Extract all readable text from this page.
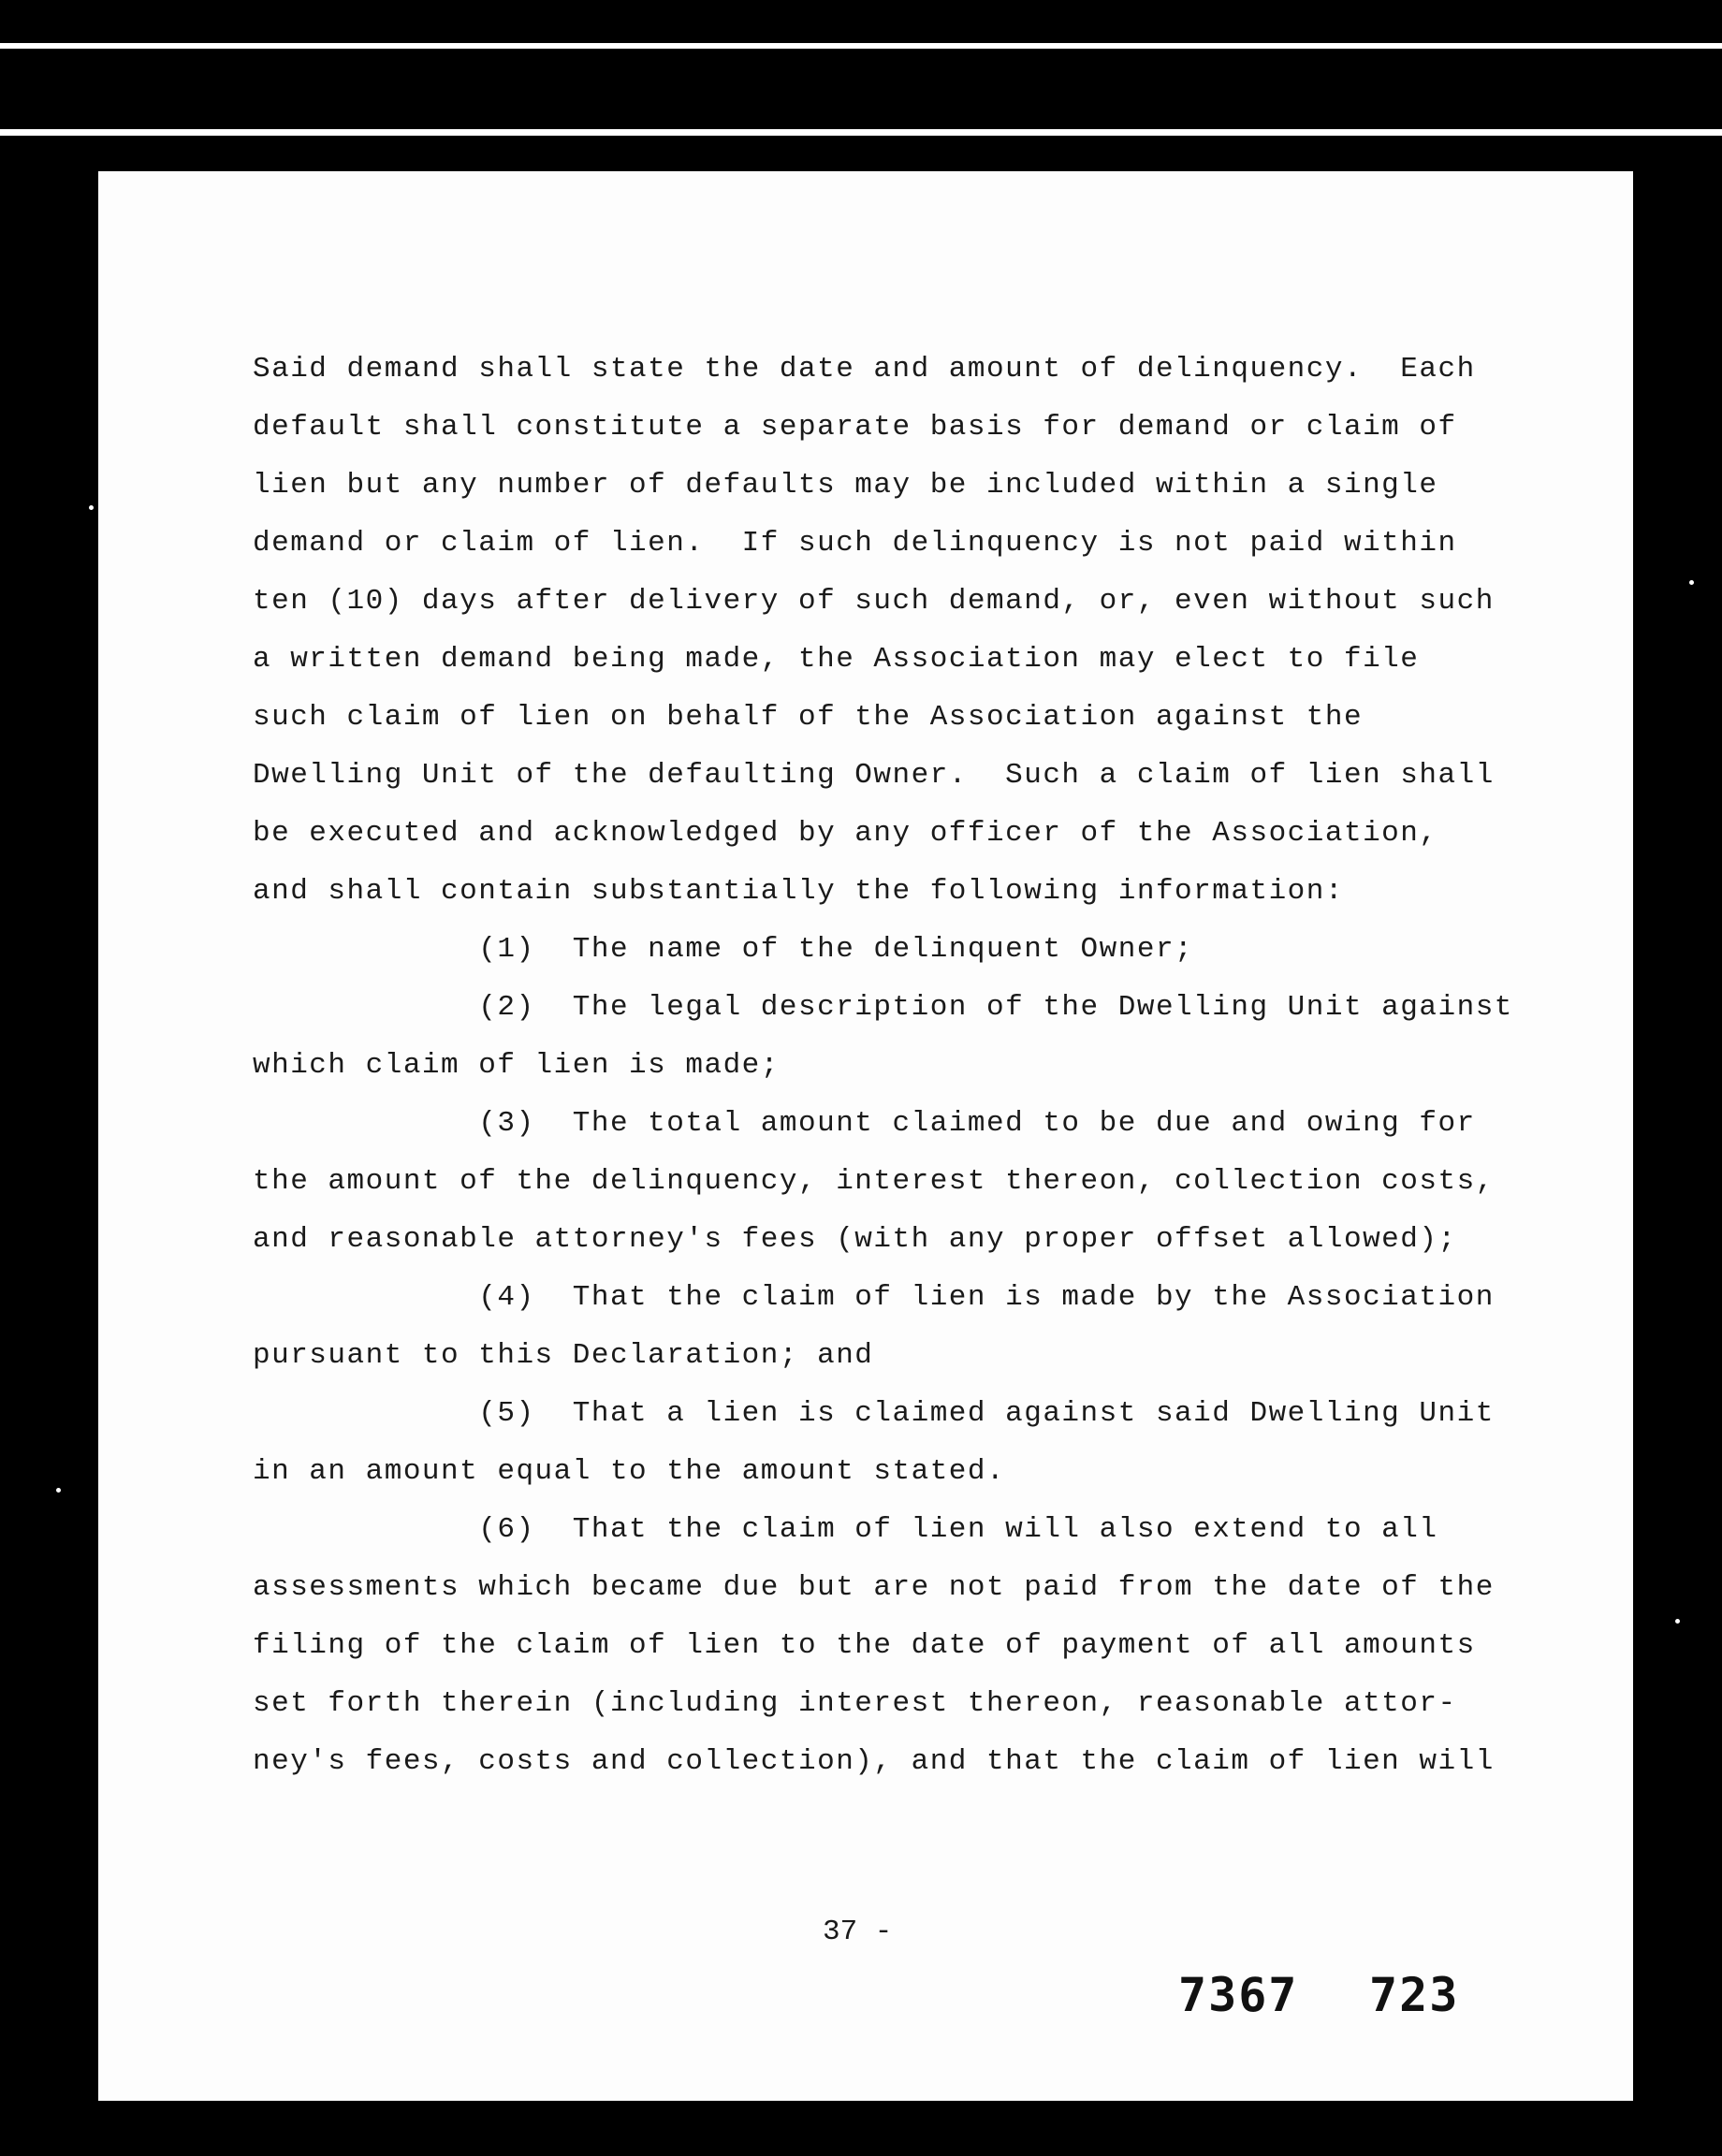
Said demand shall state the date and amount of delinquency.  Each
default shall constitute a separate basis for demand or claim of
lien but any number of defaults may be included within a single
demand or claim of lien.  If such delinquency is not paid within
ten (10) days after delivery of such demand, or, even without such
a written demand being made, the Association may elect to file
such claim of lien on behalf of the Association against the
Dwelling Unit of the defaulting Owner.  Such a claim of lien shall
be executed and acknowledged by any officer of the Association,
and shall contain substantially the following information:
(1)  The name of the delinquent Owner;
(2)  The legal description of the Dwelling Unit against
which claim of lien is made;
(3)  The total amount claimed to be due and owing for
the amount of the delinquency, interest thereon, collection costs,
and reasonable attorney's fees (with any proper offset allowed);
(4)  That the claim of lien is made by the Association
pursuant to this Declaration; and
(5)  That a lien is claimed against said Dwelling Unit
in an amount equal to the amount stated.
(6)  That the claim of lien will also extend to all
assessments which became due but are not paid from the date of the
filing of the claim of lien to the date of payment of all amounts
set forth therein (including interest thereon, reasonable attor-
ney's fees, costs and collection), and that the claim of lien will
37 -
7367 723
